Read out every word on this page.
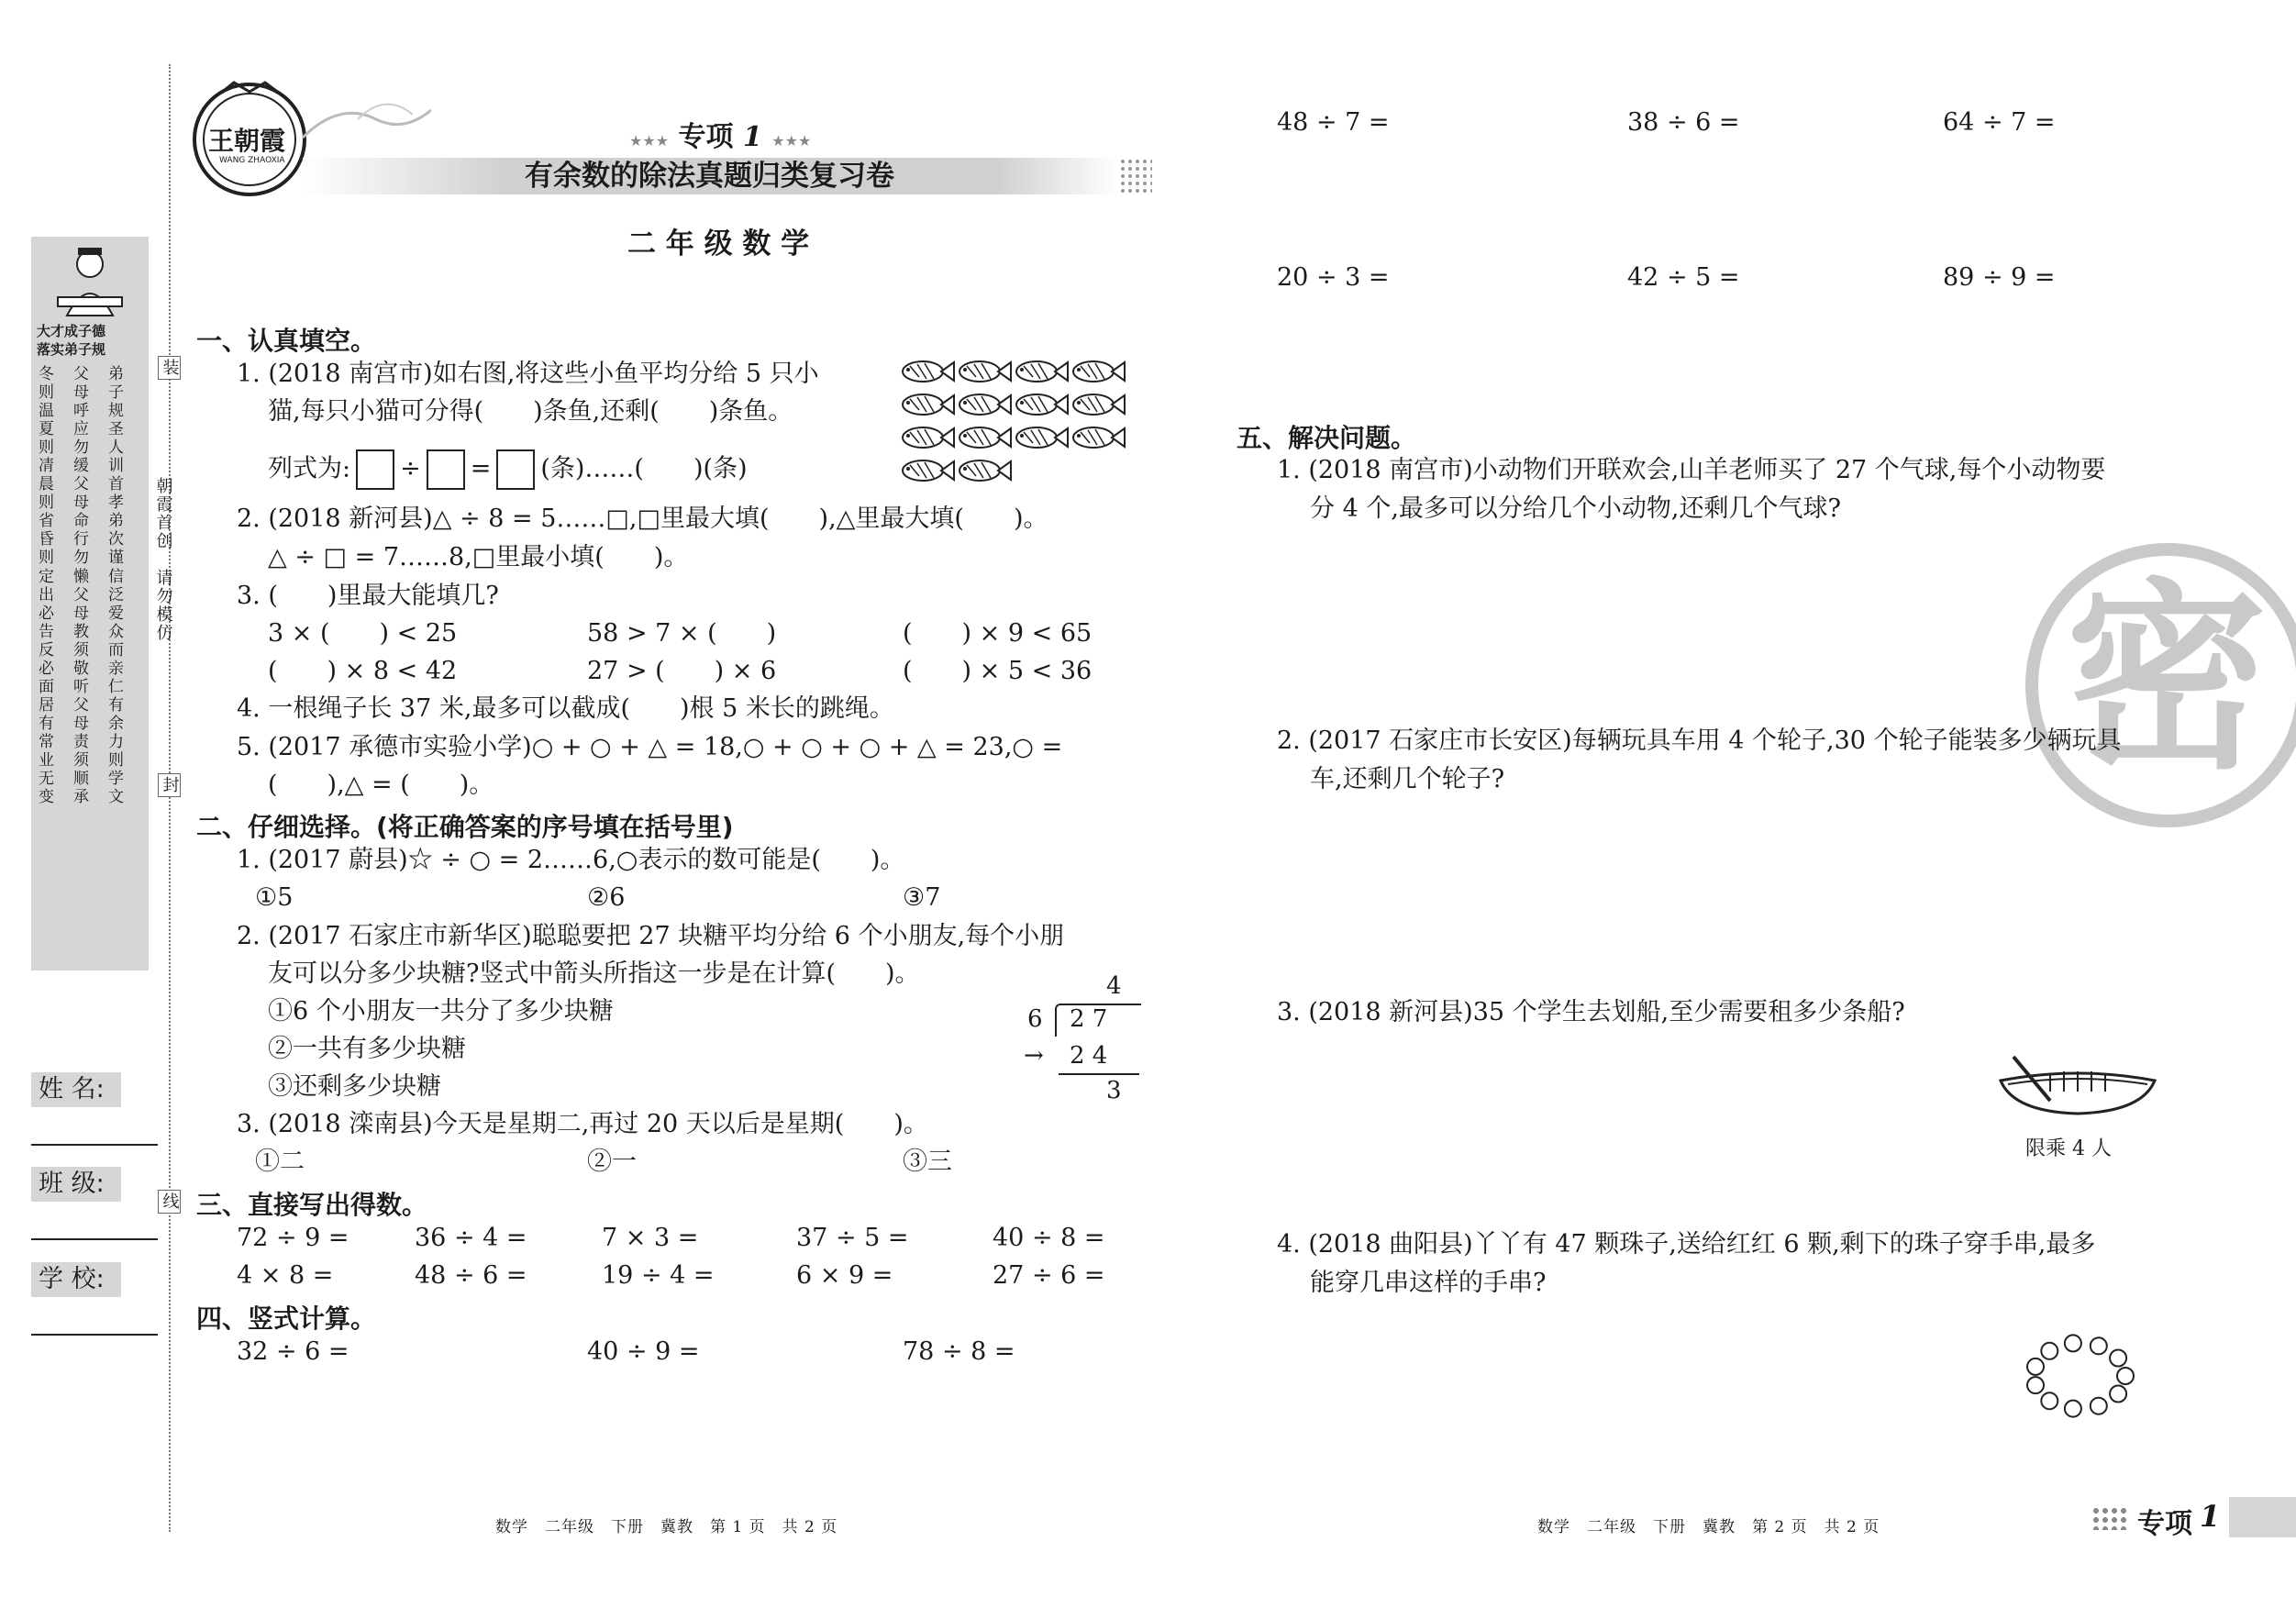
大才成子德
落实弟子规
弟子规 圣人训 首孝弟 次谨信 泛爱众 而亲仁 有余力 则学文
父母呼 应勿缓 父母命 行勿懒 父母教 须敬听 父母责 须顺承
冬则温 夏则凊 晨则省 昏则定 出必告 反必面 居有常 业无变
装
朝霞首创
请勿模仿
封
线
姓 名:
班 级:
学 校:
王朝霞
WANG ZHAOXIA
★★★ 专项 1 ★★★
有余数的除法真题归类复习卷
二 年 级 数 学
一、认真填空。
1. (2018 南宫市)如右图,将这些小鱼平均分给 5 只小
猫,每只小猫可分得(　　)条鱼,还剩(　　)条鱼。
列式为: ÷ = (条)……(　　)(条)
2. (2018 新河县)△ ÷ 8 = 5……□,□里最大填(　　),△里最大填(　　)。
△ ÷ □ = 7……8,□里最小填(　　)。
3. (　　)里最大能填几?
3 × (　　) < 25	58 > 7 × (　　)	(　　) × 9 < 65
(　　) × 8 < 42	27 > (　　) × 6	(　　) × 5 < 36
4. 一根绳子长 37 米,最多可以截成(　　)根 5 米长的跳绳。
5. (2017 承德市实验小学)○ + ○ + △ = 18,○ + ○ + ○ + △ = 23,○ =
(　　),△ = (　　)。
二、仔细选择。(将正确答案的序号填在括号里)
1. (2017 蔚县)☆ ÷ ○ = 2……6,○表示的数可能是(　　)。
①5	②6	③7
2. (2017 石家庄市新华区)聪聪要把 27 块糖平均分给 6 个小朋友,每个小朋
友可以分多少块糖?竖式中箭头所指这一步是在计算(　　)。
①6 个小朋友一共分了多少块糖
②一共有多少块糖
③还剩多少块糖
4
6 2 7
→ 2 4
3
3. (2018 滦南县)今天是星期二,再过 20 天以后是星期(　　)。
①二	②一	③三
三、直接写出得数。
72 ÷ 9 =	36 ÷ 4 =	7 × 3 =	37 ÷ 5 =	40 ÷ 8 =
4 × 8 =	48 ÷ 6 =	19 ÷ 4 =	6 × 9 =	27 ÷ 6 =
四、竖式计算。
32 ÷ 6 =	40 ÷ 9 =	78 ÷ 8 =
数学　二年级　下册　冀教　第 1 页　共 2 页
48 ÷ 7 =	38 ÷ 6 =	64 ÷ 7 =
20 ÷ 3 =	42 ÷ 5 =	89 ÷ 9 =
五、解决问题。
1. (2018 南宫市)小动物们开联欢会,山羊老师买了 27 个气球,每个小动物要
分 4 个,最多可以分给几个小动物,还剩几个气球?
密
2. (2017 石家庄市长安区)每辆玩具车用 4 个轮子,30 个轮子能装多少辆玩具
车,还剩几个轮子?
3. (2018 新河县)35 个学生去划船,至少需要租多少条船?
限乘 4 人
4. (2018 曲阳县)丫丫有 47 颗珠子,送给红红 6 颗,剩下的珠子穿手串,最多
能穿几串这样的手串?
数学　二年级　下册　冀教　第 2 页　共 2 页	专项 1
